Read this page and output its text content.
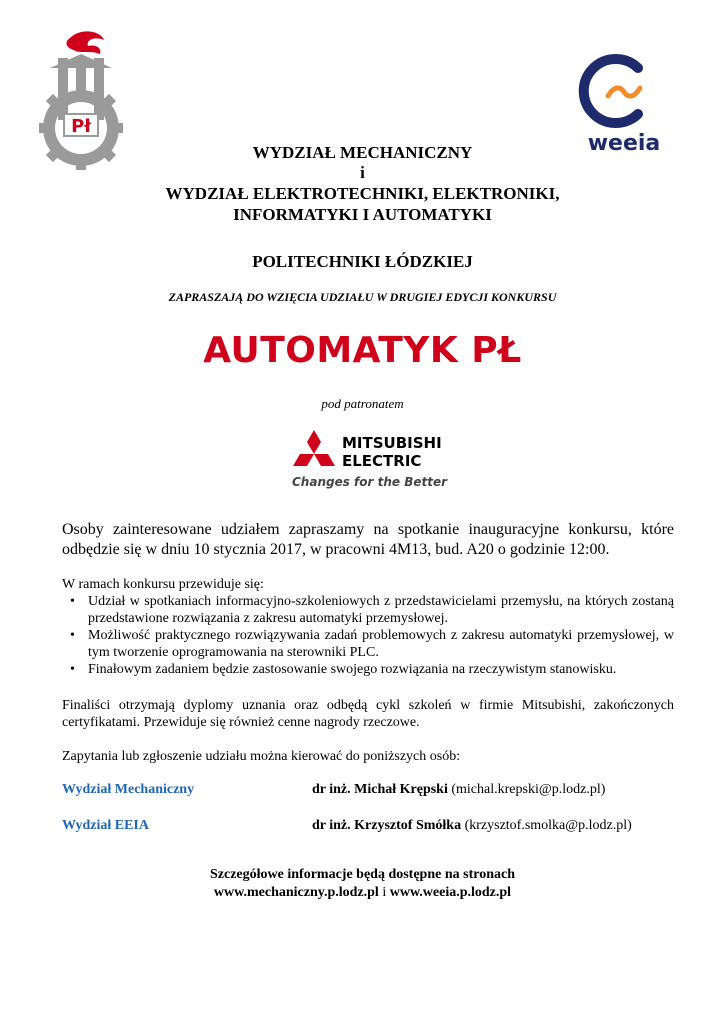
Pł
weeia
WYDZIAŁ MECHANICZNY
i
WYDZIAŁ ELEKTROTECHNIKI, ELEKTRONIKI,
INFORMATYKI I AUTOMATYKI
POLITECHNIKI ŁÓDZKIEJ
ZAPRASZAJĄ DO WZIĘCIA UDZIAŁU W DRUGIEJ EDYCJI KONKURSU
AUTOMATYK PŁ
pod patronatem
MITSUBISHI
ELECTRIC
Changes for the Better
Osoby zainteresowane udziałem zapraszamy na spotkanie inauguracyjne konkursu, które odbędzie się w dniu 10 stycznia 2017, w pracowni 4M13, bud. A20 o godzinie 12:00.
W ramach konkursu przewiduje się:
• Udział w spotkaniach informacyjno-szkoleniowych z przedstawicielami przemysłu, na których zostaną przedstawione rozwiązania z zakresu automatyki przemysłowej.
• Możliwość praktycznego rozwiązywania zadań problemowych z zakresu automatyki przemysłowej, w tym tworzenie oprogramowania na sterowniki PLC.
• Finałowym zadaniem będzie zastosowanie swojego rozwiązania na rzeczywistym stanowisku.
Finaliści otrzymają dyplomy uznania oraz odbędą cykl szkoleń w firmie Mitsubishi, zakończonych certyfikatami. Przewiduje się również cenne nagrody rzeczowe.
Zapytania lub zgłoszenie udziału można kierować do poniższych osób:
Wydział Mechaniczny	dr inż. Michał Krępski (michal.krepski@p.lodz.pl)
Wydział EEIA	dr inż. Krzysztof Smółka (krzysztof.smolka@p.lodz.pl)
Szczegółowe informacje będą dostępne na stronach
www.mechaniczny.p.lodz.pl i www.weeia.p.lodz.pl
